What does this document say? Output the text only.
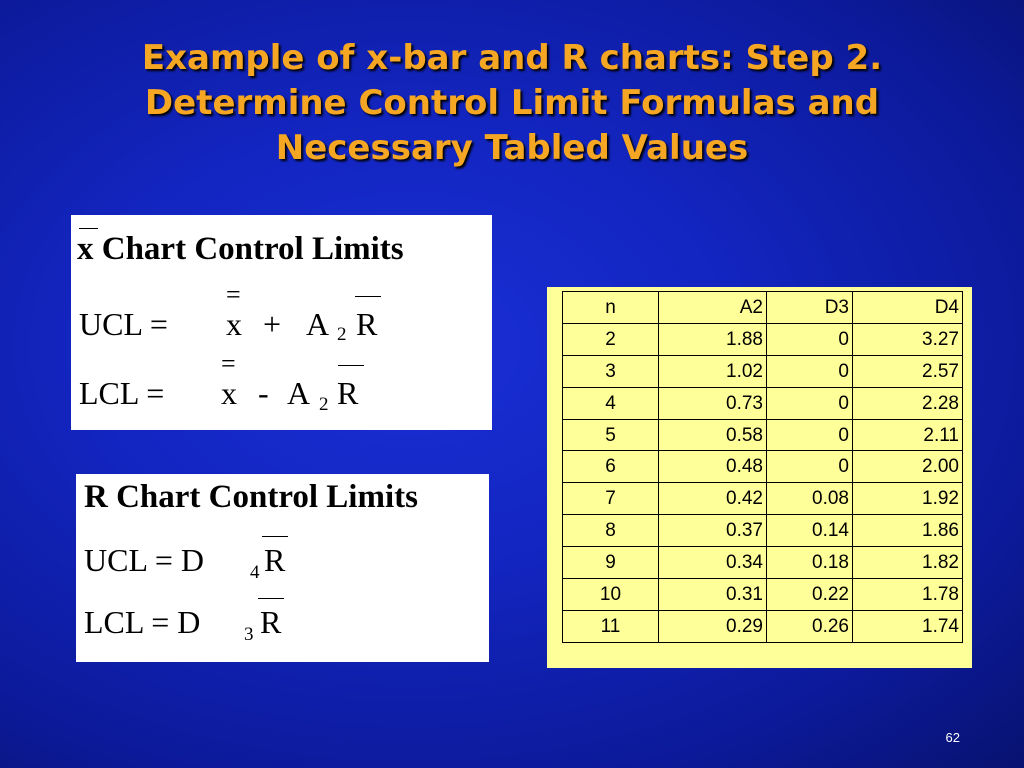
Example of x-bar and R charts: Step 2.
Determine Control Limit Formulas and
Necessary Tabled Values
x Chart Control Limits
UCL =
=
x + A 2 R
LCL =
=
x - A 2 R
R Chart Control Limits
UCL = D 4 R
LCL = D 3 R
n	A2	D3	D4
2	1.88	0	3.27
3	1.02	0	2.57
4	0.73	0	2.28
5	0.58	0	2.11
6	0.48	0	2.00
7	0.42	0.08	1.92
8	0.37	0.14	1.86
9	0.34	0.18	1.82
10	0.31	0.22	1.78
11	0.29	0.26	1.74
62
